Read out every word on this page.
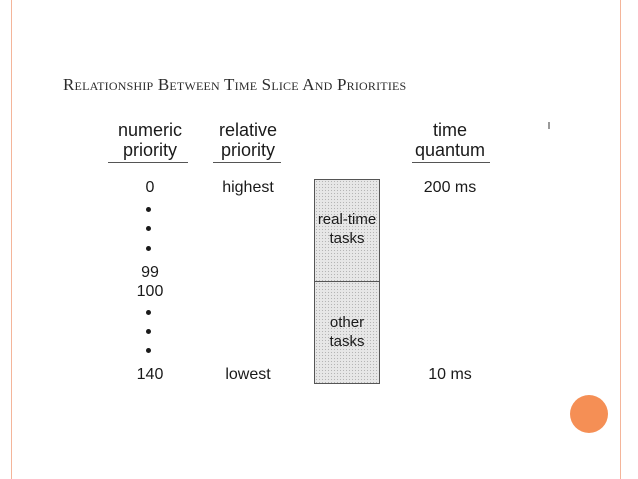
Relationship Between Time Slice And Priorities
numeric
priority
relative
priority
time
quantum
0
99
100
140
highest
lowest
real-time
tasks
other
tasks
200 ms
10 ms
